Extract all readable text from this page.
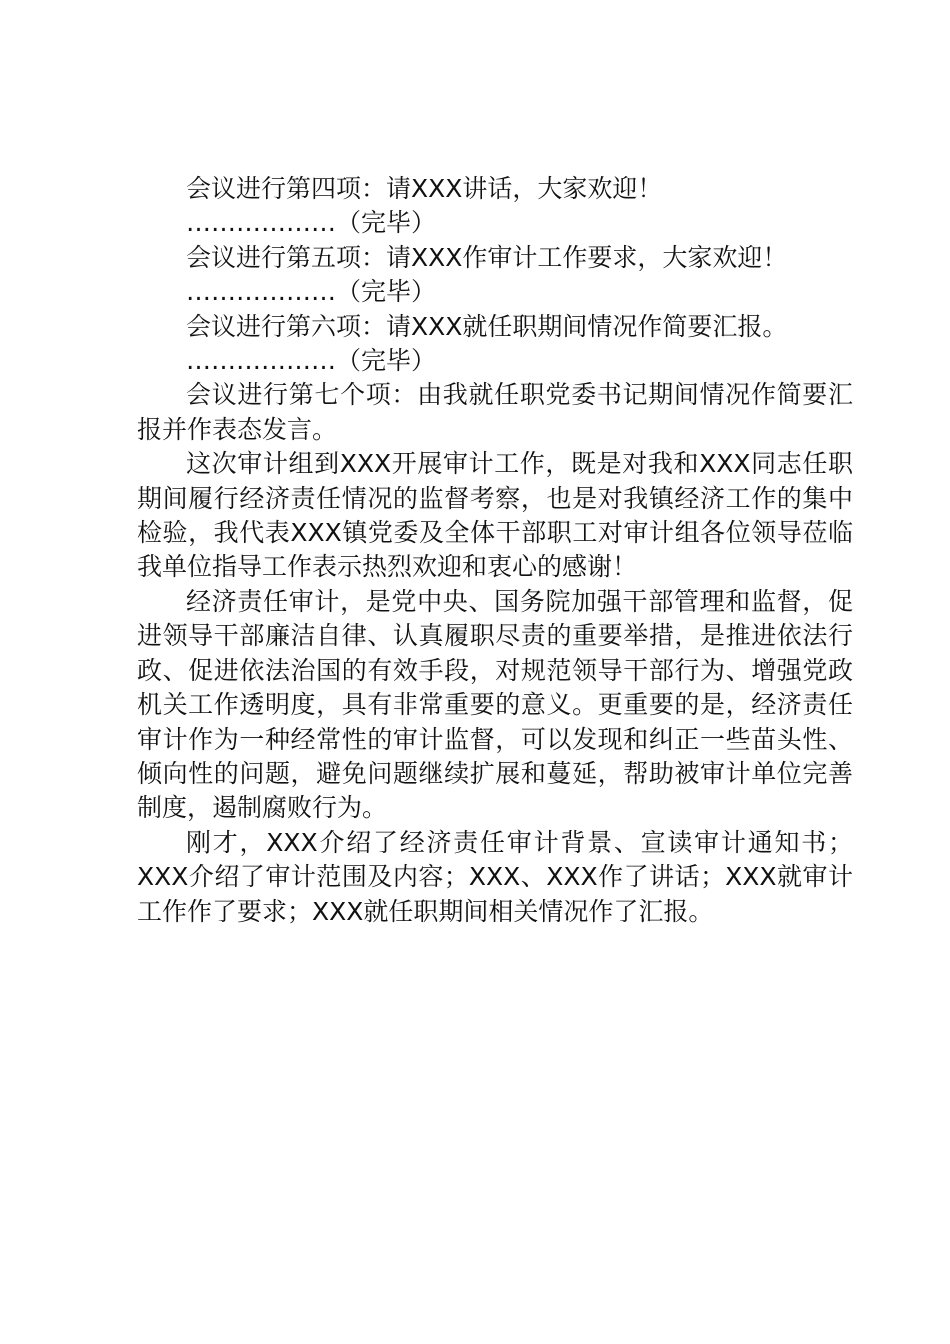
会议进行第四项：请XXX讲话，大家欢迎！

………………（完毕）

会议进行第五项：请XXX作审计工作要求，大家欢迎！

………………（完毕）

会议进行第六项：请XXX就任职期间情况作简要汇报。

………………（完毕）

会议进行第七个项：由我就任职党委书记期间情况作简要汇报并作表态发言。

这次审计组到XXX开展审计工作，既是对我和XXX同志任职期间履行经济责任情况的监督考察，也是对我镇经济工作的集中检验，我代表XXX镇党委及全体干部职工对审计组各位领导莅临我单位指导工作表示热烈欢迎和衷心的感谢！

经济责任审计，是党中央、国务院加强干部管理和监督，促进领导干部廉洁自律、认真履职尽责的重要举措，是推进依法行政、促进依法治国的有效手段，对规范领导干部行为、增强党政机关工作透明度，具有非常重要的意义。更重要的是，经济责任审计作为一种经常性的审计监督，可以发现和纠正一些苗头性、倾向性的问题，避免问题继续扩展和蔓延，帮助被审计单位完善制度，遏制腐败行为。

刚才，XXX介绍了经济责任审计背景、宣读审计通知书；XXX介绍了审计范围及内容；XXX、XXX作了讲话；XXX就审计工作作了要求；XXX就任职期间相关情况作了汇报。
